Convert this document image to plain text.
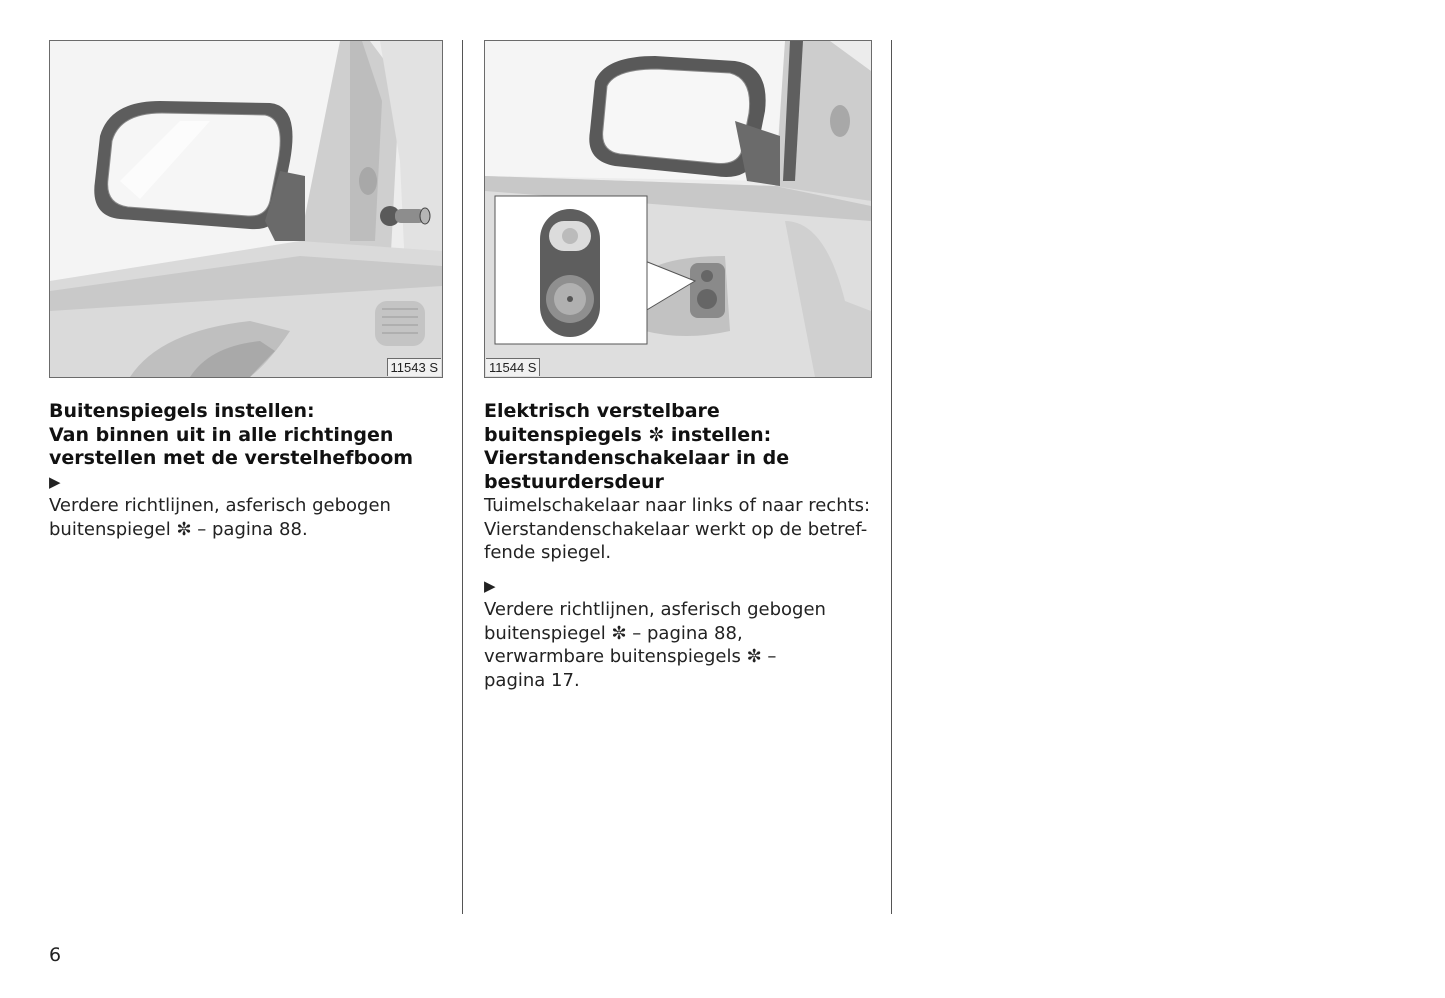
11543 S	11544 S
Buitenspiegels instellen:
Van binnen uit in alle richtingen
verstellen met de verstelhefboom

▶
Verdere richtlijnen, asferisch gebogen
buitenspiegel ✼ – pagina 88.

Elektrisch verstelbare
buitenspiegels ✼ instellen:
Vierstandenschakelaar in de
bestuurdersdeur

Tuimelschakelaar naar links of naar rechts:
Vierstandenschakelaar werkt op de betref-
fende spiegel.

▶
Verdere richtlijnen, asferisch gebogen
buitenspiegel ✼ – pagina 88,
verwarmbare buitenspiegels ✼ –
pagina 17.

6
